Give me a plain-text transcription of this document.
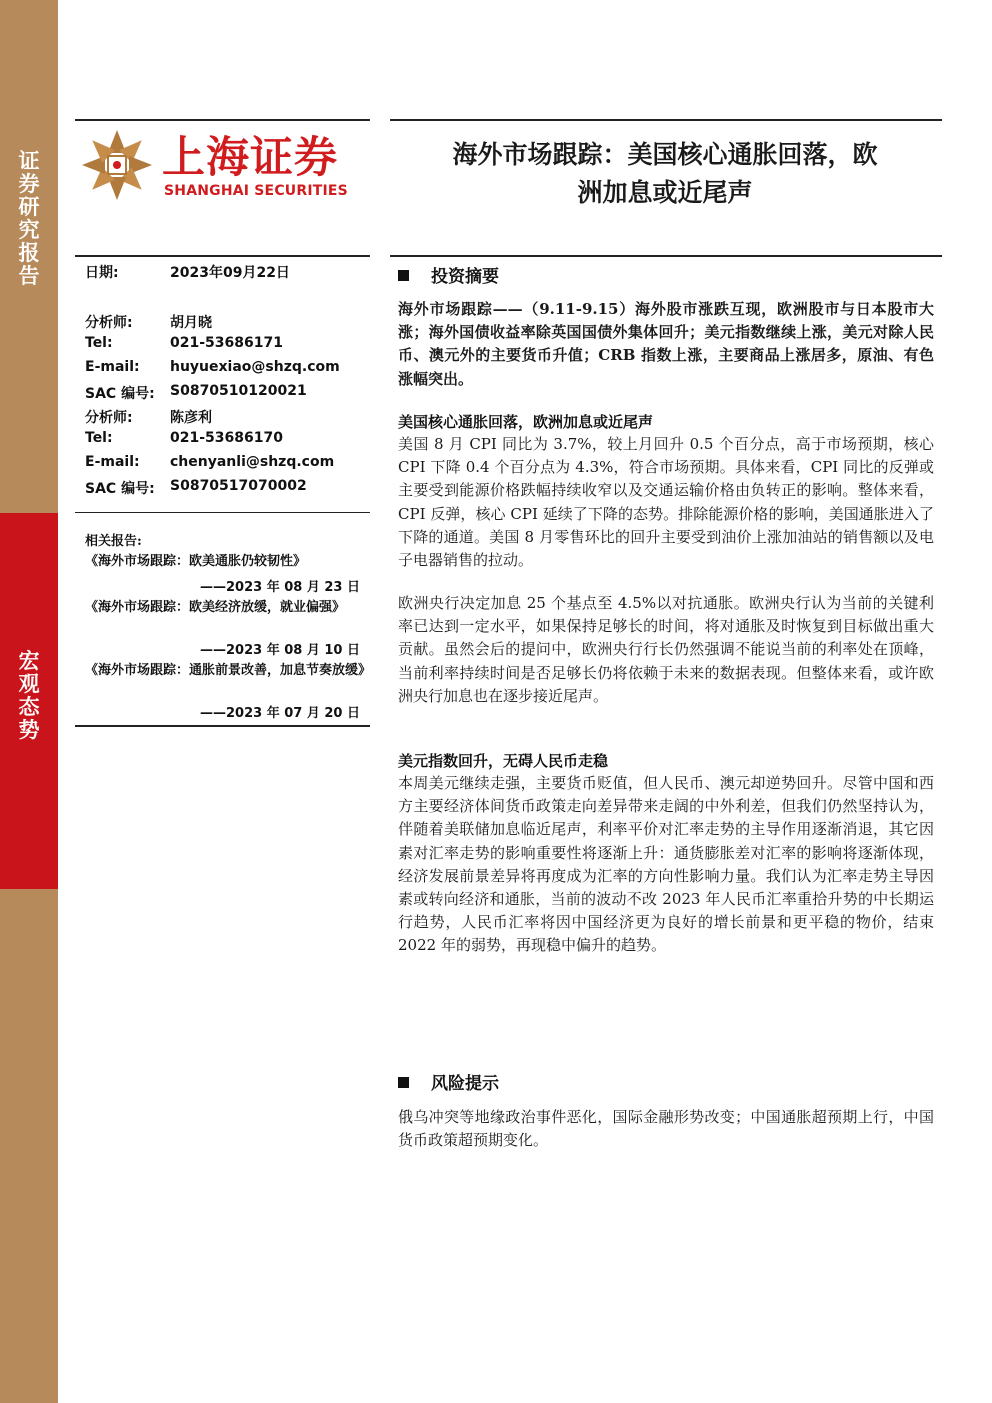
证
券
研
究
报
告
宏
观
态
势
上海证券
SHANGHAI SECURITIES
海外市场跟踪：美国核心通胀回落，欧
洲加息或近尾声
日期:	2023年09月22日
分析师:	胡月晓
Tel:	021-53686171
E-mail: huyuexiao@shzq.com
SAC 编号: S0870510120021
分析师:	陈彦利
Tel:	021-53686170
E-mail: chenyanli@shzq.com
SAC 编号: S0870517070002
相关报告:
《海外市场跟踪：欧美通胀仍较韧性》
——2023 年 08 月 23 日
《海外市场跟踪：欧美经济放缓，就业偏强》
——2023 年 08 月 10 日
《海外市场跟踪：通胀前景改善，加息节奏放缓》
——2023 年 07 月 20 日
投资摘要
海外市场跟踪——（9.11-9.15）海外股市涨跌互现，欧洲股市与日本股市大涨；海外国债收益率除英国国债外集体回升；美元指数继续上涨，美元对除人民币、澳元外的主要货币升值；CRB 指数上涨，主要商品上涨居多，原油、有色涨幅突出。
美国核心通胀回落，欧洲加息或近尾声
美国 8 月 CPI 同比为 3.7%，较上月回升 0.5 个百分点，高于市场预期，核心 CPI 下降 0.4 个百分点为 4.3%，符合市场预期。具体来看，CPI 同比的反弹或主要受到能源价格跌幅持续收窄以及交通运输价格由负转正的影响。整体来看，CPI 反弹，核心 CPI 延续了下降的态势。排除能源价格的影响，美国通胀进入了下降的通道。美国 8 月零售环比的回升主要受到油价上涨加油站的销售额以及电子电器销售的拉动。
欧洲央行决定加息 25 个基点至 4.5%以对抗通胀。欧洲央行认为当前的关键利率已达到一定水平，如果保持足够长的时间，将对通胀及时恢复到目标做出重大贡献。虽然会后的提问中，欧洲央行行长仍然强调不能说当前的利率处在顶峰，当前利率持续时间是否足够长仍将依赖于未来的数据表现。但整体来看，或许欧洲央行加息也在逐步接近尾声。
美元指数回升，无碍人民币走稳
本周美元继续走强，主要货币贬值，但人民币、澳元却逆势回升。尽管中国和西方主要经济体间货币政策走向差异带来走阔的中外利差，但我们仍然坚持认为，伴随着美联储加息临近尾声，利率平价对汇率走势的主导作用逐渐消退，其它因素对汇率走势的影响重要性将逐渐上升：通货膨胀差对汇率的影响将逐渐体现，经济发展前景差异将再度成为汇率的方向性影响力量。我们认为汇率走势主导因素或转向经济和通胀，当前的波动不改 2023 年人民币汇率重拾升势的中长期运行趋势，人民币汇率将因中国经济更为良好的增长前景和更平稳的物价，结束 2022 年的弱势，再现稳中偏升的趋势。
风险提示
俄乌冲突等地缘政治事件恶化，国际金融形势改变；中国通胀超预期上行，中国货币政策超预期变化。
